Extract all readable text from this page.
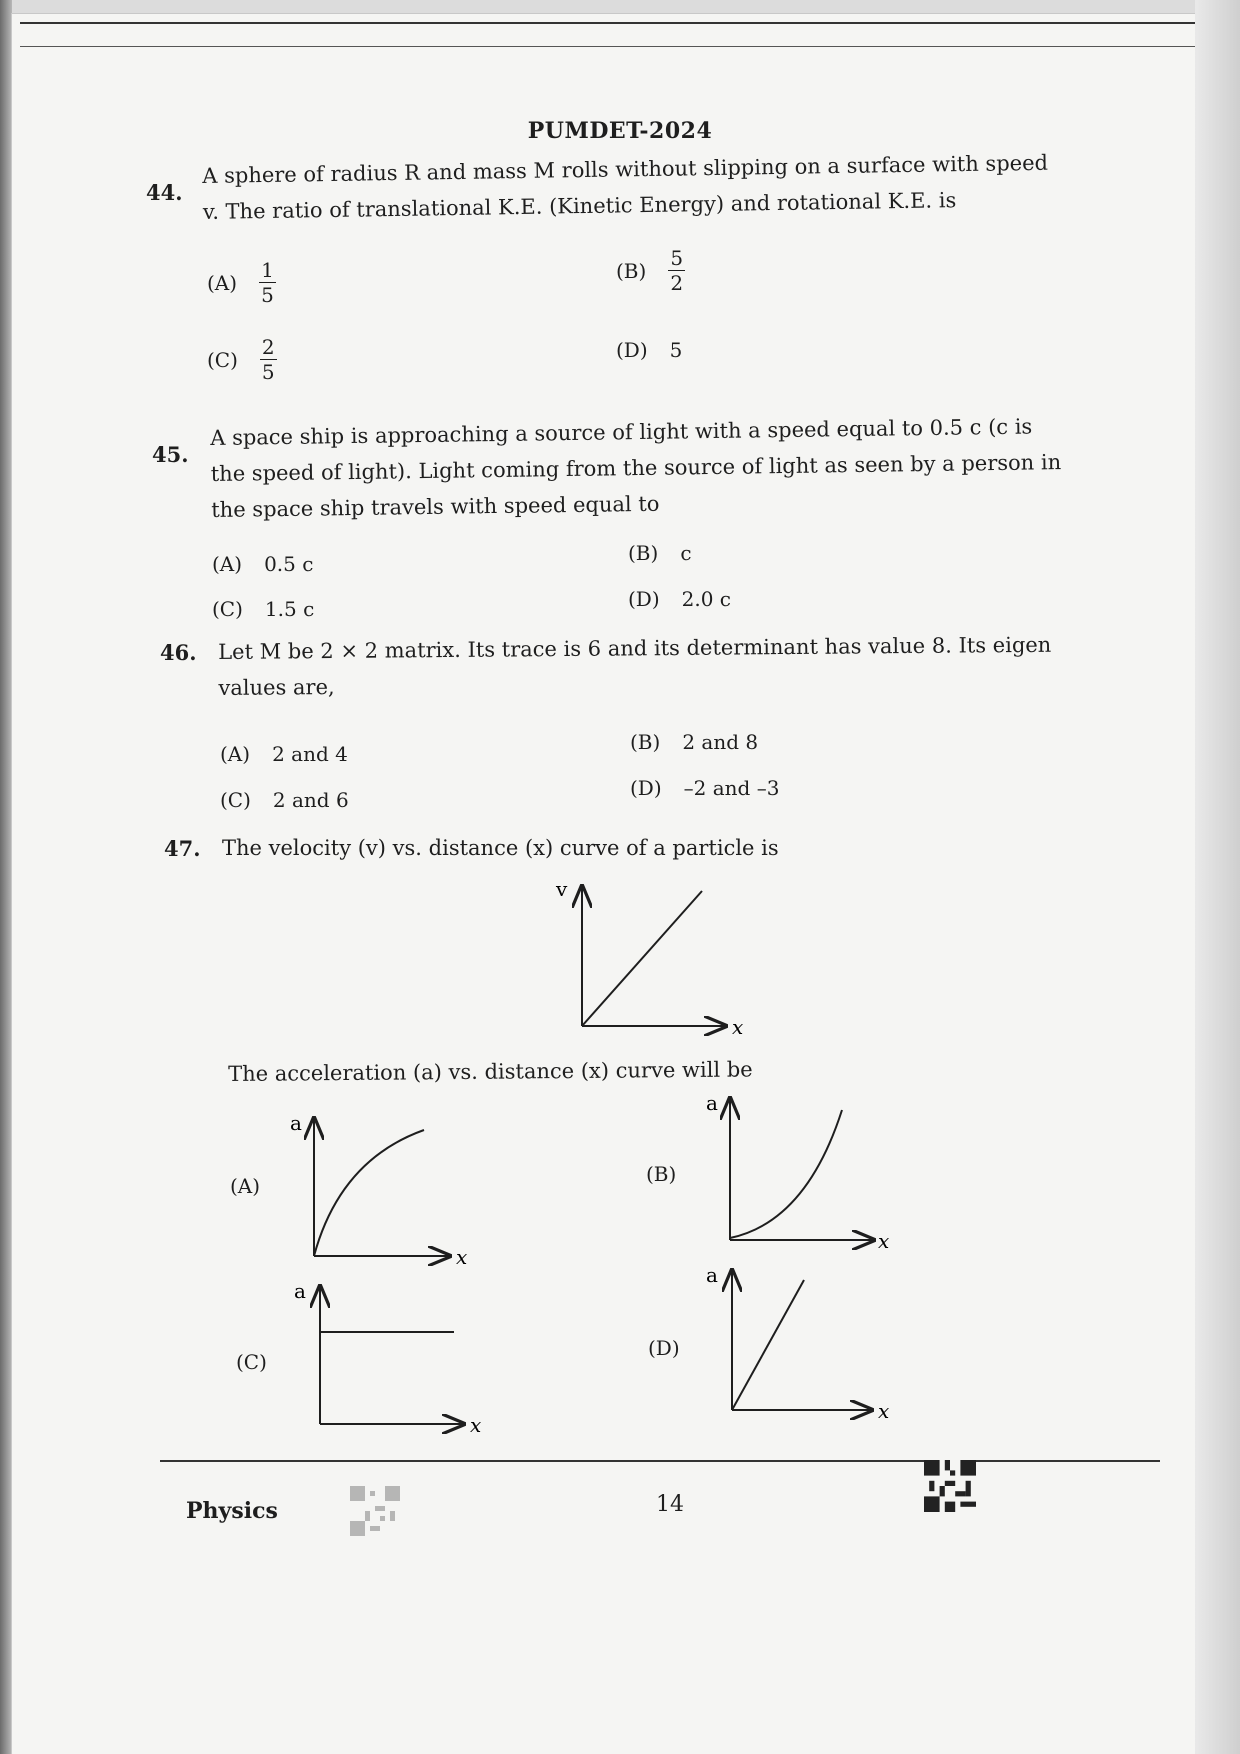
PUMDET-2024
44.
A sphere of radius R and mass M rolls without slipping on a surface with speed
v. The ratio of translational K.E. (Kinetic Energy) and rotational K.E. is
$(A) \frac{1}{5}$	$(B) \frac{5}{2}$
$(C) \frac{2}{5}$	(D) 5
45.
A space ship is approaching a source of light with a speed equal to 0.5 c (c is
the speed of light). Light coming from the source of light as seen by a person in
the space ship travels with speed equal to
(A) 0.5 c	(B) c
(C) 1.5 c	(D) 2.0 c
46. Let M be 2 × 2 matrix. Its trace is 6 and its determinant has value 8. Its eigen
values are,
(A) 2 and 4	(B) 2 and 8
(C) 2 and 6	(D) –2 and –3
47. The velocity (v) vs. distance (x) curve of a particle is
v
x
The acceleration (a) vs. distance (x) curve will be
(A)
a
x
(B)
a
x
(C)
a
x
(D)
a
x
Physics	14
